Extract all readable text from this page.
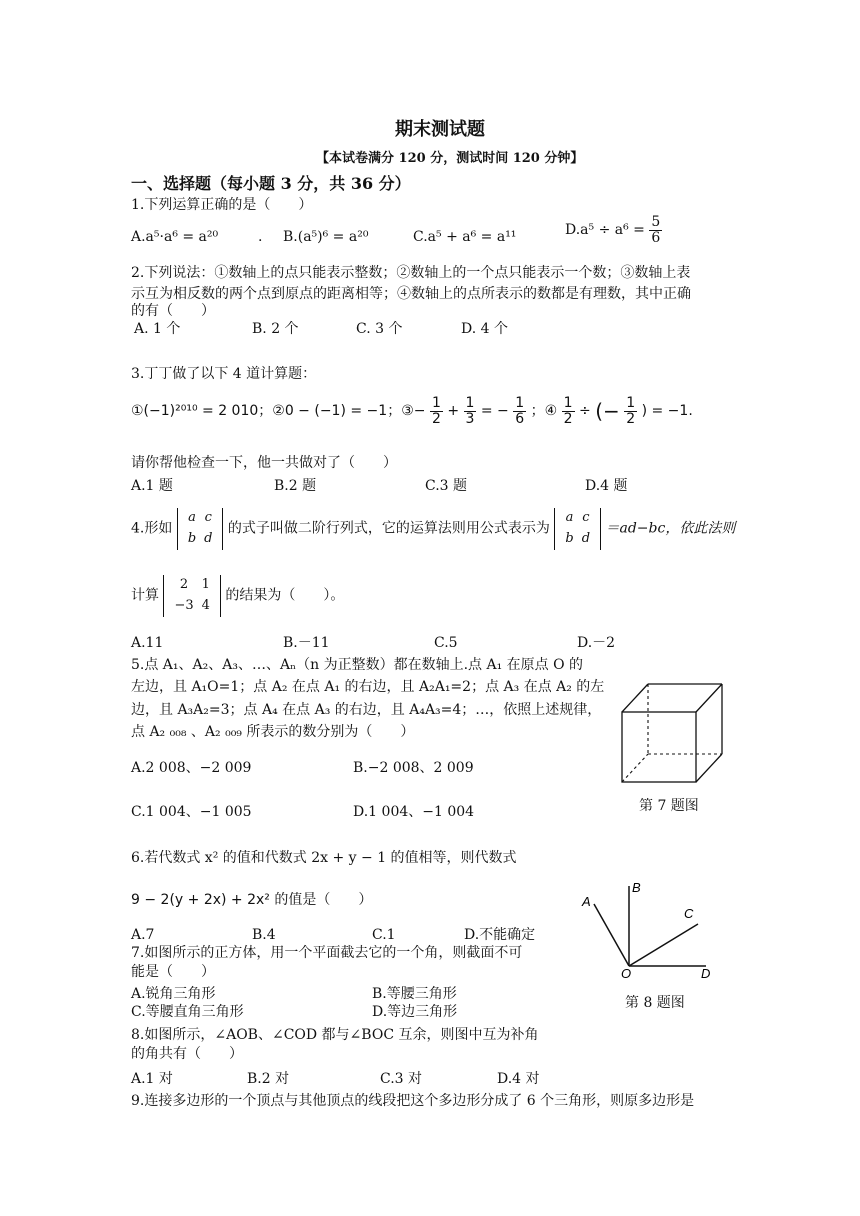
期末测试题
【本试卷满分 120 分，测试时间 120 分钟】
一、选择题（每小题 3 分，共 36 分）
1.下列运算正确的是（　　）
A.a⁵·a⁶ = a²⁰	. B.(a⁵)⁶ = a²⁰	C.a⁵ + a⁶ = a¹¹	$D.a^5 \div a^6 = \frac{5}{6}$
2.下列说法：①数轴上的点只能表示整数；②数轴上的一个点只能表示一个数；③数轴上表
示互为相反数的两个点到原点的距离相等；④数轴上的点所表示的数都是有理数，其中正确
的有（　　）
A. 1 个	B. 2 个	C. 3 个	D. 4 个
3.丁丁做了以下 4 道计算题：
①(−1)²⁰¹⁰ = 2 010；②0 − (−1) = −1；③− $\frac{1}{2} + \frac{1}{3}$ = − $\frac{1}{6}$ ；④ $\frac{1}{2}$ ÷ (− $\frac{1}{2}$ ) = −1.
请你帮他检查一下，他一共做对了（　　）
A.1 题	B.2 题	C.3 题	D.4 题
4.形如
a	c
b	d
的式子叫做二阶行列式，它的运算法则用公式表示为
a	c
b	d
＝ad−bc，依此法则
计算
2	1
−3	4
的结果为（　　）。
A.11	B.－11	C.5	D.－2
5.点 A₁、A₂、A₃、…、Aₙ（n 为正整数）都在数轴上.点 A₁ 在原点 O 的
左边，且 A₁O=1；点 A₂ 在点 A₁ 的右边，且 A₂A₁=2；点 A₃ 在点 A₂ 的左
边，且 A₃A₂=3；点 A₄ 在点 A₃ 的右边，且 A₄A₃=4；…，依照上述规律，
点 A₂ ₀₀₈ 、A₂ ₀₀₉ 所表示的数分别为（　　）
A.2 008、−2 009	B.−2 008、2 009
C.1 004、−1 005	D.1 004、−1 004	第 7 题图
6.若代数式 x² 的值和代数式 2x + y − 1 的值相等，则代数式
9 − 2(y + 2x) + 2x² 的值是（　　）
A.7	B.4	C.1	D.不能确定
A
B
C
O	D
第 8 题图
7.如图所示的正方体，用一个平面截去它的一个角，则截面不可
能是（　　）
A.锐角三角形	B.等腰三角形
C.等腰直角三角形	D.等边三角形
8.如图所示，∠AOB、∠COD 都与∠BOC 互余，则图中互为补角
的角共有（　　）
A.1 对	B.2 对	C.3 对	D.4 对
9.连接多边形的一个顶点与其他顶点的线段把这个多边形分成了 6 个三角形，则原多边形是
